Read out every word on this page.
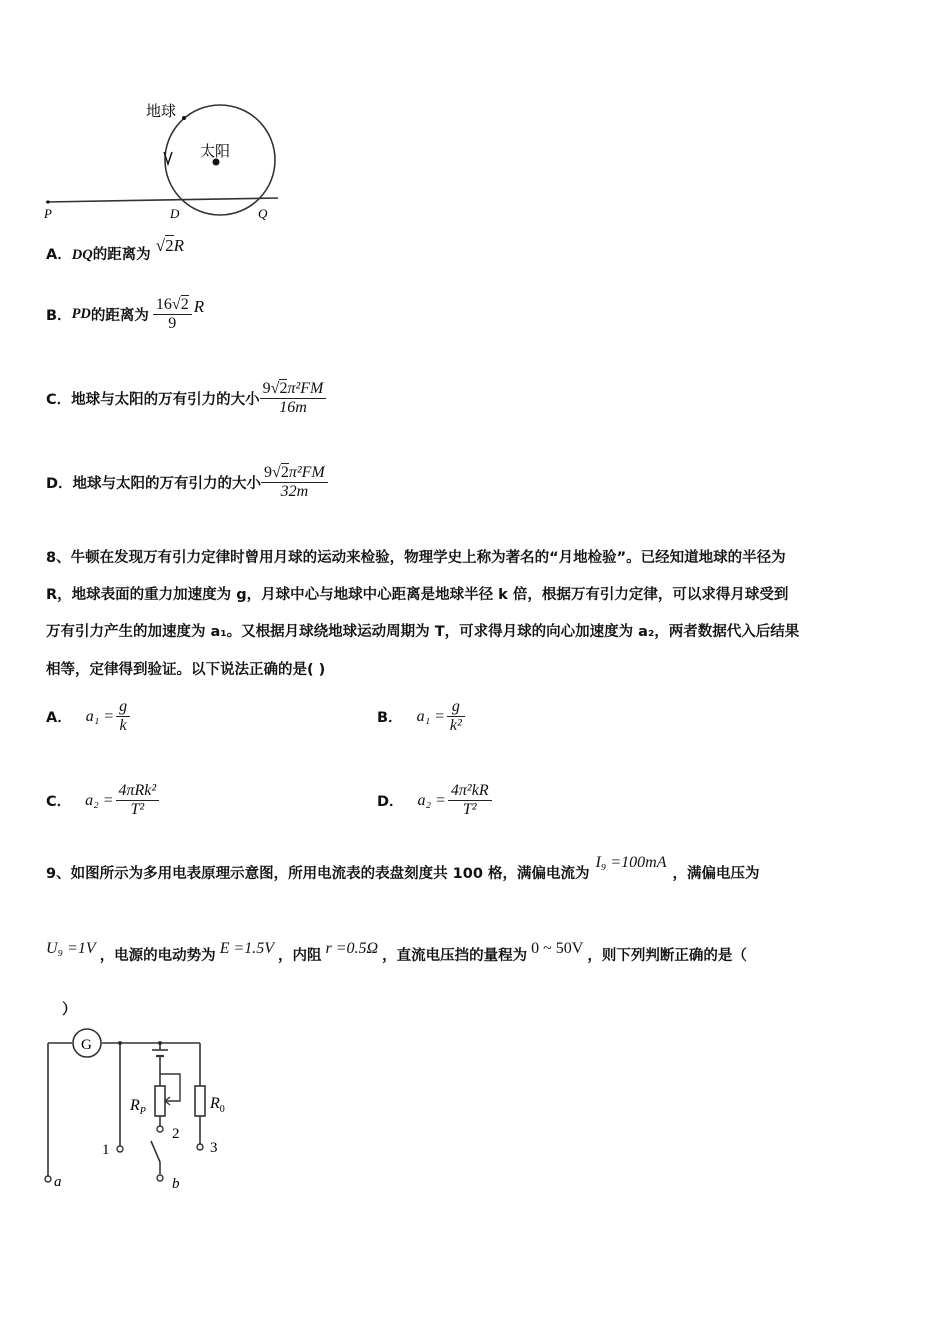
地球
太阳
P	D	Q
A．DQ的距离为 √2R
B． PD 的距离为 $\frac{16√2}{9}$ R
C． 地球与太阳的万有引力的大小 $\frac{\text{9√2π²FM}}{16m}$
D． 地球与太阳的万有引力的大小 $\frac{\text{9√2π²FM}}{32m}$
8、牛顿在发现万有引力定律时曾用月球的运动来检验，物理学史上称为著名的“月地检验”。已经知道地球的半径为
R，地球表面的重力加速度为 g，月球中心与地球中心距离是地球半径 k 倍，根据万有引力定律，可以求得月球受到
万有引力产生的加速度为 a₁。又根据月球绕地球运动周期为 T，可求得月球的向心加速度为 a₂，两者数据代入后结果
相等，定律得到验证。以下说法正确的是( )
A． $a_1 = \frac{g}{k}$	B． $a_1 = \frac{g}{\text{k²}}$
C． $a_2 = \frac{\text{4πRk²}}{\text{T²}}$	D． $a_2 = \frac{\text{4π²kR}}{\text{T²}}$
9、如图所示为多用电表原理示意图，所用电流表的表盘刻度共 100 格，满偏电流为
I₉ =100mA
，满偏电压为
U₉ =1V ，电源的电动势为 E =1.5V ，内阻 r =0.5Ω ，直流电压挡的量程为 0 ~ 50V ，则下列判断正确的是（
）
G
1
$R_P$
2
b
$R_0$
3
a
